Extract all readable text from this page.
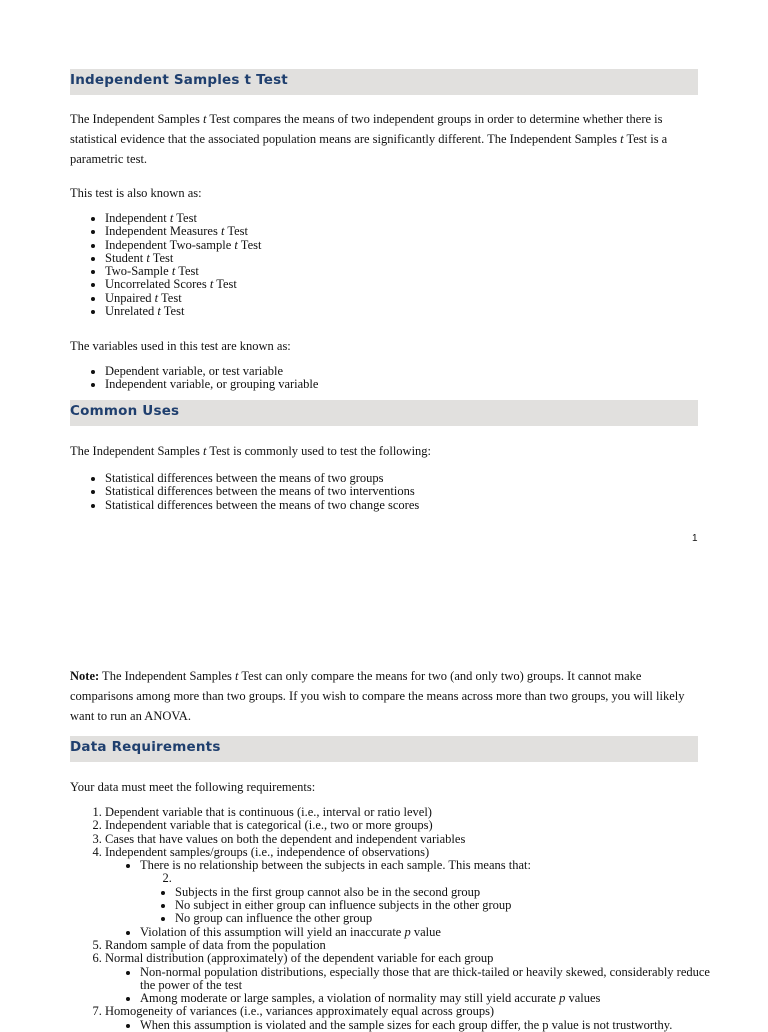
Independent Samples t Test

The Independent Samples t Test compares the means of two independent groups in order to determine whether there is statistical evidence that the associated population means are significantly different. The Independent Samples t Test is a parametric test.

This test is also known as:

• Independent t Test
• Independent Measures t Test
• Independent Two-sample t Test
• Student t Test
• Two-Sample t Test
• Uncorrelated Scores t Test
• Unpaired t Test
• Unrelated t Test

The variables used in this test are known as:

• Dependent variable, or test variable
• Independent variable, or grouping variable
Common Uses

The Independent Samples t Test is commonly used to test the following:

• Statistical differences between the means of two groups
• Statistical differences between the means of two interventions
• Statistical differences between the means of two change scores
1

Note: The Independent Samples t Test can only compare the means for two (and only two) groups. It cannot make comparisons among more than two groups. If you wish to compare the means across more than two groups, you will likely want to run an ANOVA.

Data Requirements

Your data must meet the following requirements:

1. Dependent variable that is continuous (i.e., interval or ratio level)
2. Independent variable that is categorical (i.e., two or more groups)
3. Cases that have values on both the dependent and independent variables
4. Independent samples/groups (i.e., independence of observations)
• There is no relationship between the subjects in each sample. This means that:
2.
• Subjects in the first group cannot also be in the second group
• No subject in either group can influence subjects in the other group
• No group can influence the other group
• Violation of this assumption will yield an inaccurate p value
5. Random sample of data from the population
6. Normal distribution (approximately) of the dependent variable for each group
• Non-normal population distributions, especially those that are thick-tailed or heavily skewed, considerably reduce the power of the test
• Among moderate or large samples, a violation of normality may still yield accurate p values
7. Homogeneity of variances (i.e., variances approximately equal across groups)
• When this assumption is violated and the sample sizes for each group differ, the p value is not trustworthy.
